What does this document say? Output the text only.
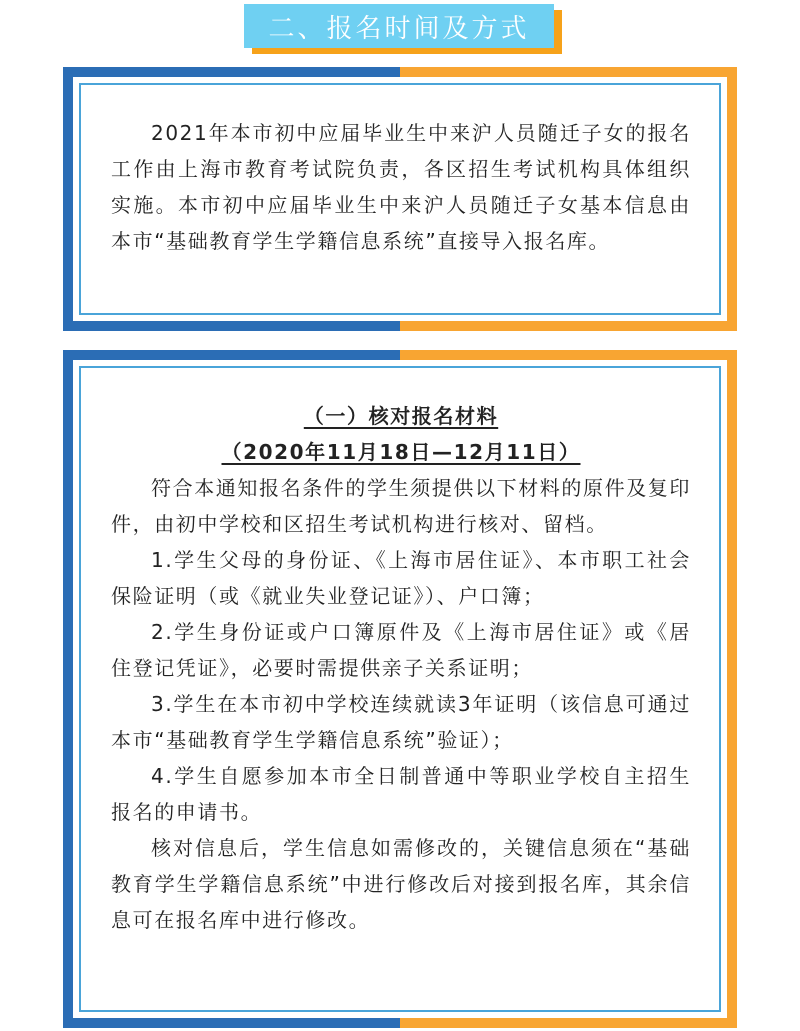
二、报名时间及方式

2021年本市初中应届毕业生中来沪人员随迁子女的报名工作由上海市教育考试院负责，各区招生考试机构具体组织实施。本市初中应届毕业生中来沪人员随迁子女基本信息由本市“基础教育学生学籍信息系统”直接导入报名库。

（一）核对报名材料

（2020年11月18日—12月11日）

符合本通知报名条件的学生须提供以下材料的原件及复印件，由初中学校和区招生考试机构进行核对、留档。

1.学生父母的身份证、《上海市居住证》、本市职工社会保险证明（或《就业失业登记证》）、户口簿；

2.学生身份证或户口簿原件及《上海市居住证》或《居住登记凭证》，必要时需提供亲子关系证明；

3.学生在本市初中学校连续就读3年证明（该信息可通过本市“基础教育学生学籍信息系统”验证）；

4.学生自愿参加本市全日制普通中等职业学校自主招生报名的申请书。

核对信息后，学生信息如需修改的，关键信息须在“基础教育学生学籍信息系统”中进行修改后对接到报名库，其余信息可在报名库中进行修改。
